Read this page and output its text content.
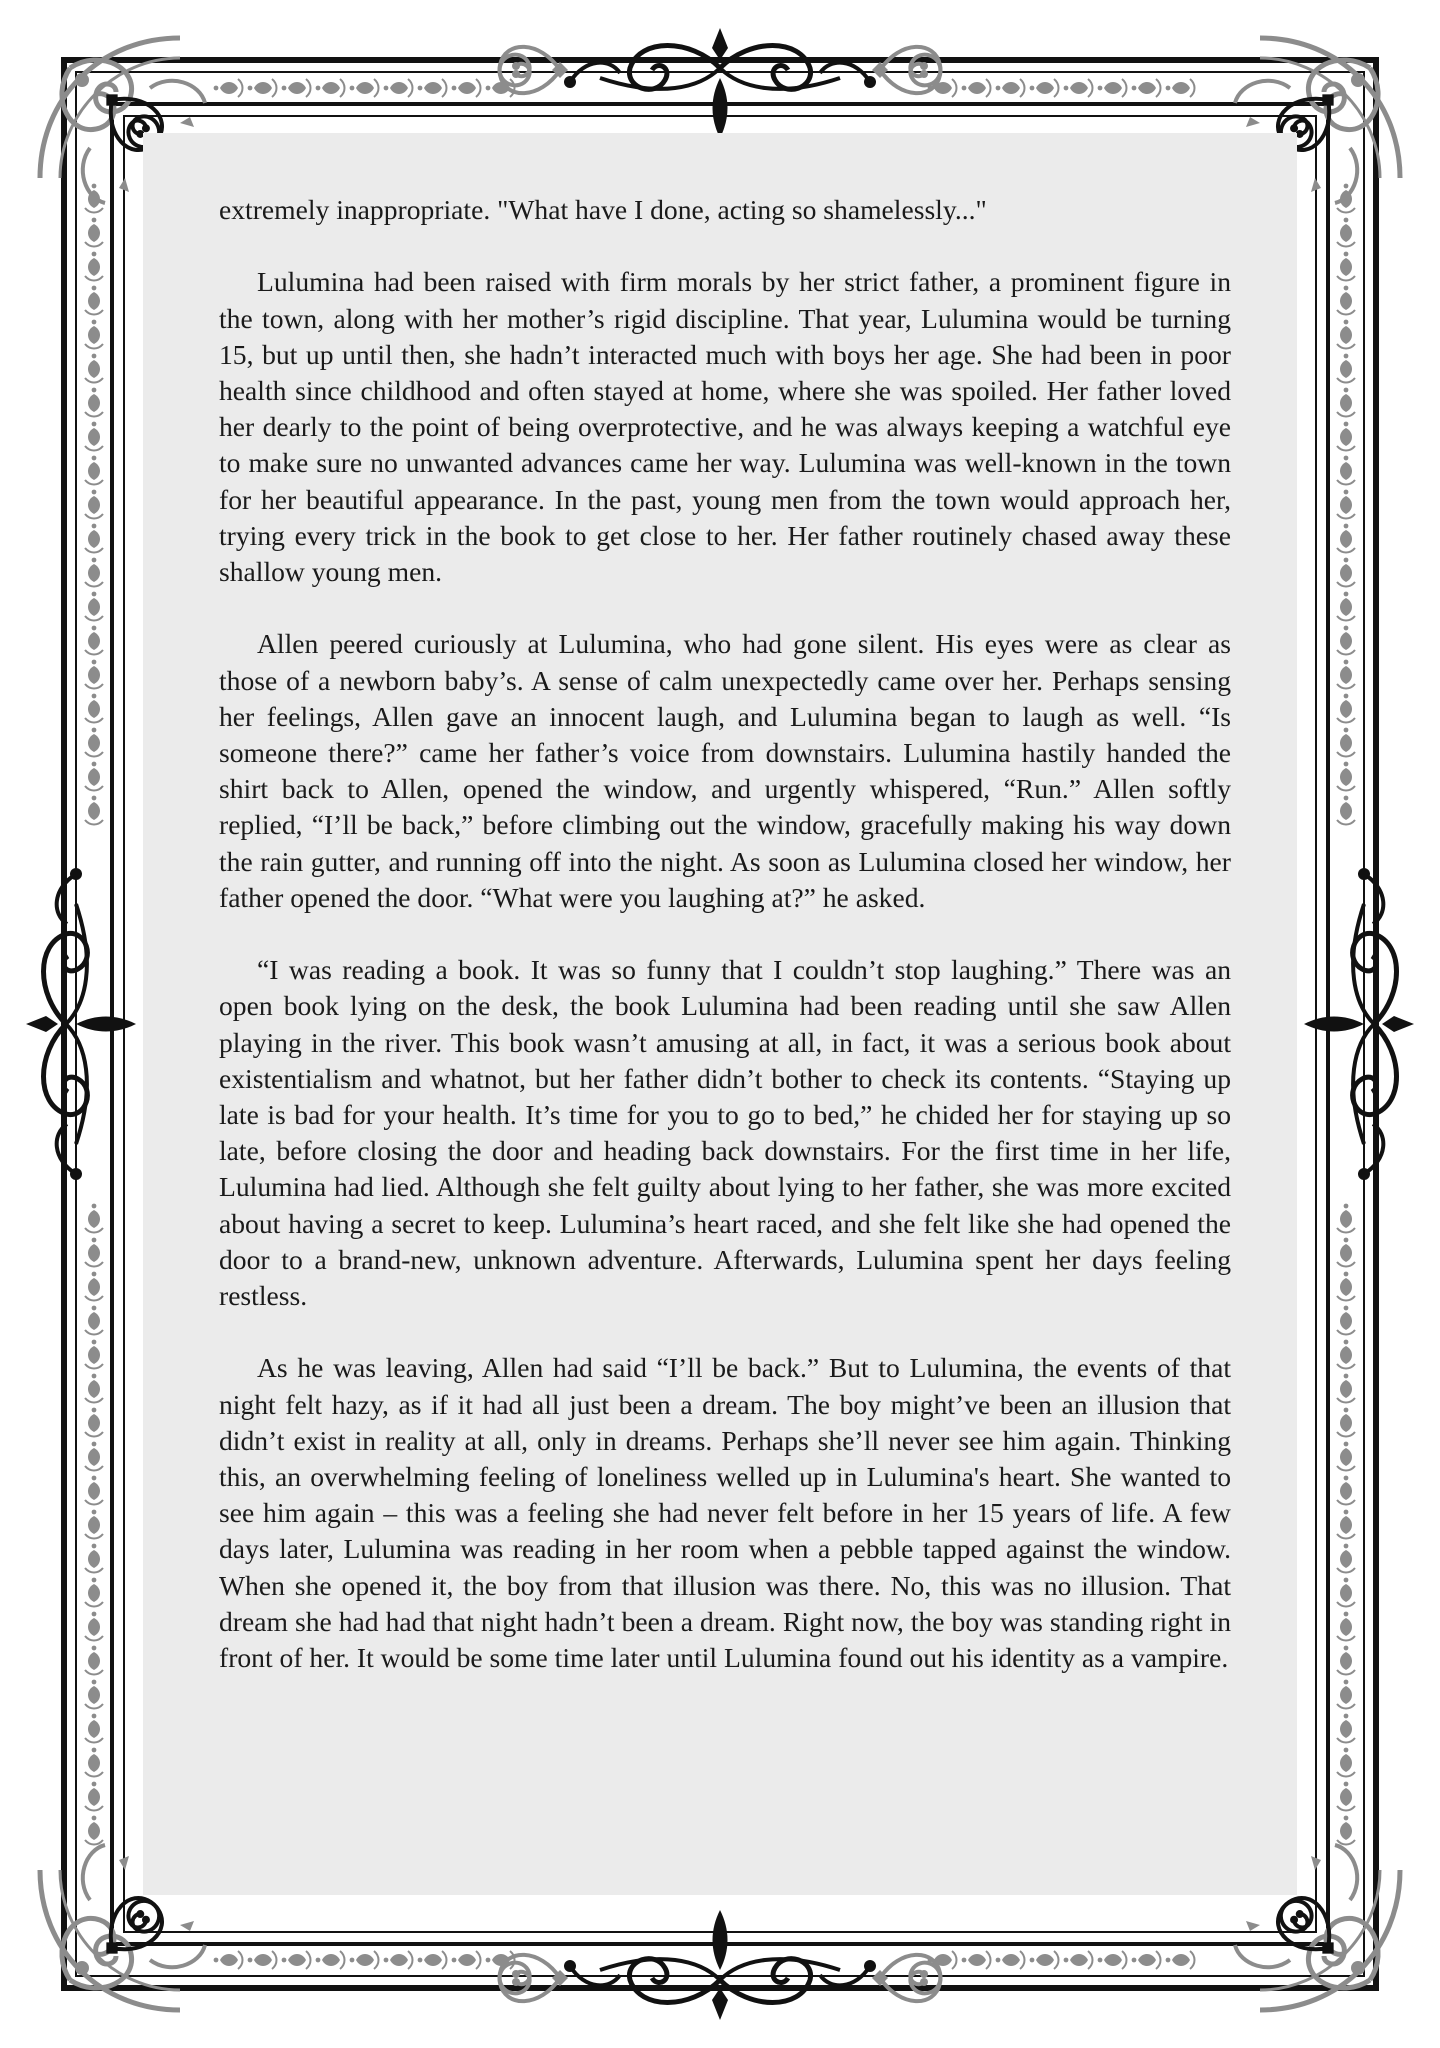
extremely inappropriate. "What have I done, acting so shamelessly..."

Lulumina had been raised with firm morals by her strict father, a prominent figure in the town, along with her mother’s rigid discipline. That year, Lulumina would be turning 15, but up until then, she hadn’t interacted much with boys her age. She had been in poor health since childhood and often stayed at home, where she was spoiled. Her father loved her dearly to the point of being overprotective, and he was always keeping a watchful eye to make sure no unwanted advances came her way. Lulumina was well-known in the town for her beautiful appearance. In the past, young men from the town would approach her, trying every trick in the book to get close to her. Her father routinely chased away these shallow young men.

Allen peered curiously at Lulumina, who had gone silent. His eyes were as clear as those of a newborn baby’s. A sense of calm unexpectedly came over her. Perhaps sensing her feelings, Allen gave an innocent laugh, and Lulumina began to laugh as well. “Is someone there?” came her father’s voice from downstairs. Lulumina hastily handed the shirt back to Allen, opened the window, and urgently whispered, “Run.” Allen softly replied, “I’ll be back,” before climbing out the window, gracefully making his way down the rain gutter, and running off into the night. As soon as Lulumina closed her window, her father opened the door. “What were you laughing at?” he asked.

“I was reading a book. It was so funny that I couldn’t stop laughing.” There was an open book lying on the desk, the book Lulumina had been reading until she saw Allen playing in the river. This book wasn’t amusing at all, in fact, it was a serious book about existentialism and whatnot, but her father didn’t bother to check its contents. “Staying up late is bad for your health. It’s time for you to go to bed,” he chided her for staying up so late, before closing the door and heading back downstairs. For the first time in her life, Lulumina had lied. Although she felt guilty about lying to her father, she was more excited about having a secret to keep. Lulumina’s heart raced, and she felt like she had opened the door to a brand-new, unknown adventure. Afterwards, Lulumina spent her days feeling restless.

As he was leaving, Allen had said “I’ll be back.” But to Lulumina, the events of that night felt hazy, as if it had all just been a dream. The boy might’ve been an illusion that didn’t exist in reality at all, only in dreams. Perhaps she’ll never see him again. Thinking this, an overwhelming feeling of loneliness welled up in Lulumina's heart. She wanted to see him again – this was a feeling she had never felt before in her 15 years of life. A few days later, Lulumina was reading in her room when a pebble tapped against the window. When she opened it, the boy from that illusion was there. No, this was no illusion. That dream she had had that night hadn’t been a dream. Right now, the boy was standing right in front of her. It would be some time later until Lulumina found out his identity as a vampire.
